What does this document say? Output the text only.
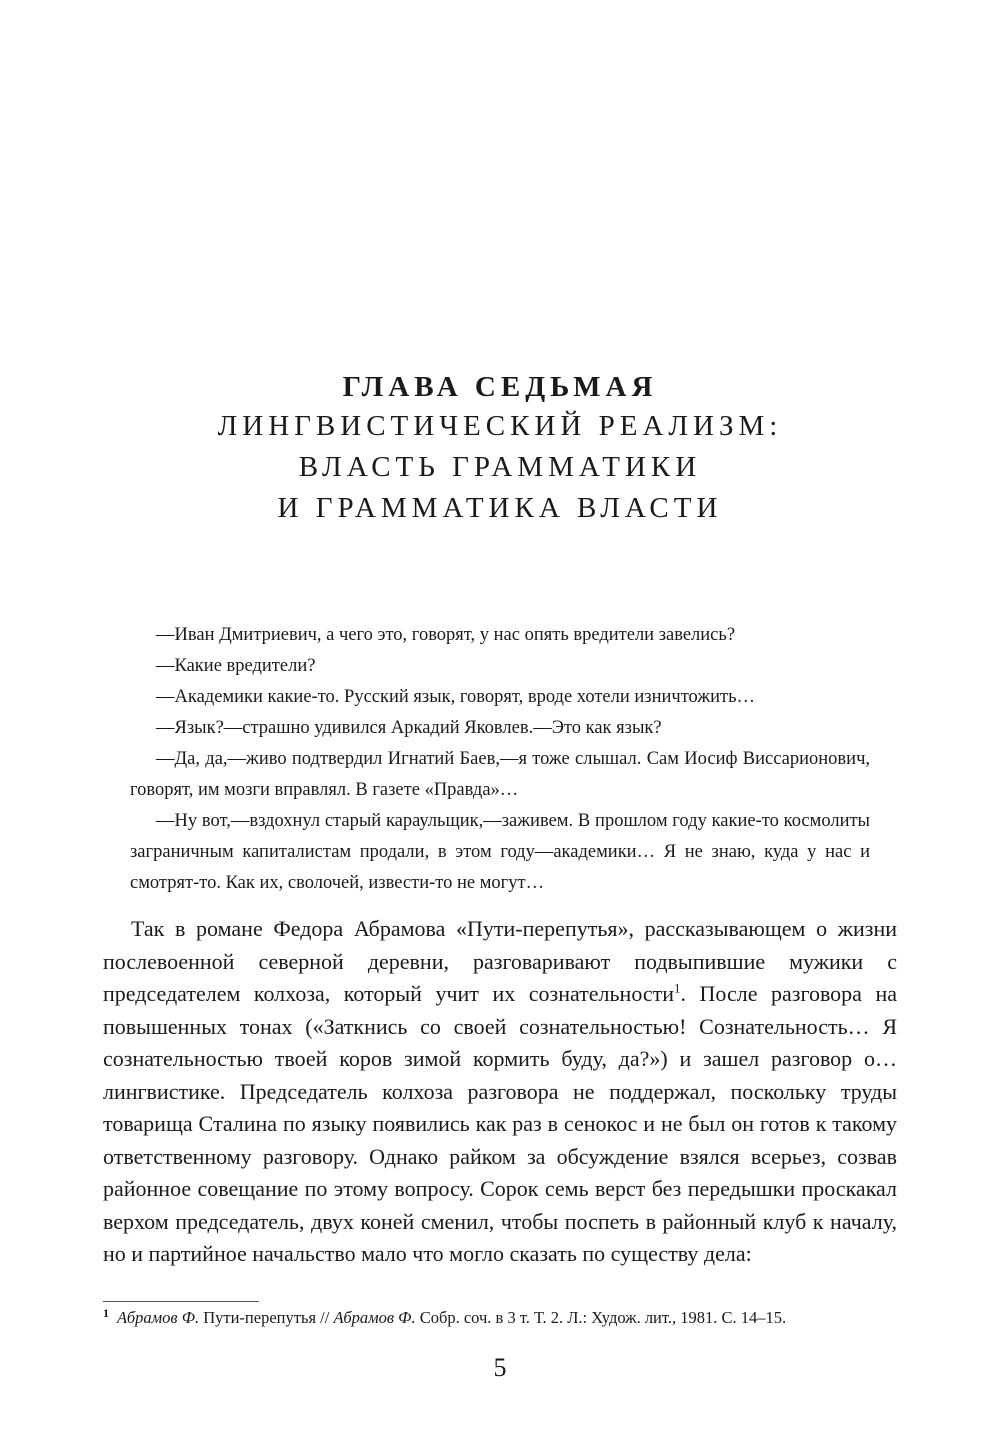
ГЛАВА СЕДЬМАЯ

ЛИНГВИСТИЧЕСКИЙ РЕАЛИЗМ:

ВЛАСТЬ ГРАММАТИКИ

И ГРАММАТИКА ВЛАСТИ

—Иван Дмитриевич, а чего это, говорят, у нас опять вредители завелись?

—Какие вредители?

—Академики какие-то. Русский язык, говорят, вроде хотели изничтожить…

—Язык?—страшно удивился Аркадий Яковлев.—Это как язык?

—Да, да,—живо подтвердил Игнатий Баев,—я тоже слышал. Сам Иосиф Виссарионович, говорят, им мозги вправлял. В газете «Правда»…

—Ну вот,—вздохнул старый караульщик,—заживем. В прошлом году какие-то космолиты заграничным капиталистам продали, в этом году—академики… Я не знаю, куда у нас и смотрят-то. Как их, сволочей, извести-то не могут…

Так в романе Федора Абрамова «Пути-перепутья», рассказывающем о жизни послевоенной северной деревни, разговаривают подвыпившие мужики с председателем колхоза, который учит их сознательности$^1$. После разговора на повышенных тонах («Заткнись со своей сознательностью! Сознательность… Я сознательностью твоей коров зимой кормить буду, да?») и зашел разговор о… лингвистике. Председатель колхоза разговора не поддержал, поскольку труды товарища Сталина по языку появились как раз в сенокос и не был он готов к такому ответственному разговору. Однако райком за обсуждение взялся всерьез, созвав районное совещание по этому вопросу. Сорок семь верст без передышки проскакал верхом председатель, двух коней сменил, чтобы поспеть в районный клуб к началу, но и партийное начальство мало что могло сказать по существу дела:

$^1$ Абрамов Ф. Пути-перепутья // Абрамов Ф. Собр. соч. в 3 т. Т. 2. Л.: Худож. лит., 1981. С. 14–15.
5
